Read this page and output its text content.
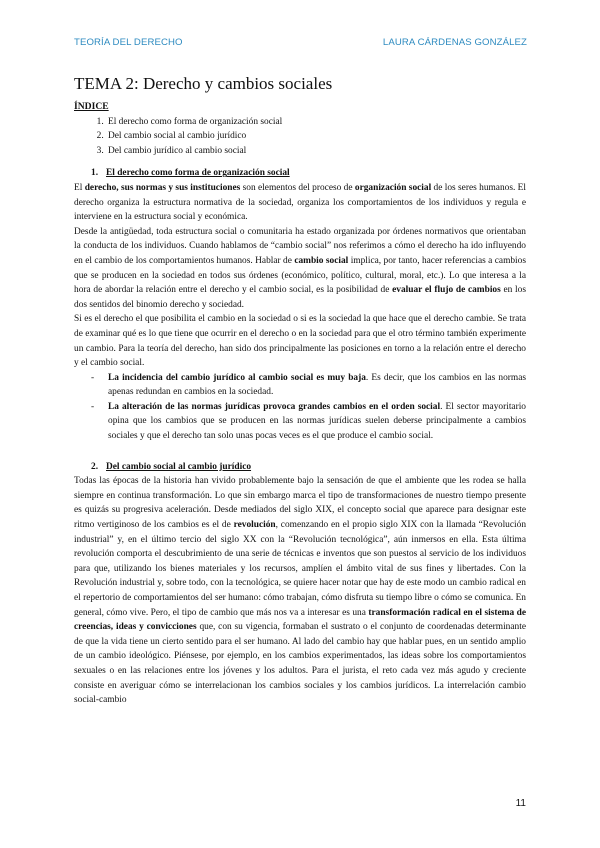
TEORÍA DEL DERECHO	LAURA CÁRDENAS GONZÁLEZ
TEMA 2: Derecho y cambios sociales
ÍNDICE
1. El derecho como forma de organización social
2. Del cambio social al cambio jurídico
3. Del cambio jurídico al cambio social
1. El derecho como forma de organización social

El derecho, sus normas y sus instituciones son elementos del proceso de organización social de los seres humanos. El derecho organiza la estructura normativa de la sociedad, organiza los comportamientos de los individuos y regula e interviene en la estructura social y económica.

Desde la antigüedad, toda estructura social o comunitaria ha estado organizada por órdenes normativos que orientaban la conducta de los individuos. Cuando hablamos de “cambio social” nos referimos a cómo el derecho ha ido influyendo en el cambio de los comportamientos humanos. Hablar de cambio social implica, por tanto, hacer referencias a cambios que se producen en la sociedad en todos sus órdenes (económico, político, cultural, moral, etc.). Lo que interesa a la hora de abordar la relación entre el derecho y el cambio social, es la posibilidad de evaluar el flujo de cambios en los dos sentidos del binomio derecho y sociedad.

Si es el derecho el que posibilita el cambio en la sociedad o si es la sociedad la que hace que el derecho cambie. Se trata de examinar qué es lo que tiene que ocurrir en el derecho o en la sociedad para que el otro término también experimente un cambio. Para la teoría del derecho, han sido dos principalmente las posiciones en torno a la relación entre el derecho y el cambio social.

- La incidencia del cambio jurídico al cambio social es muy baja. Es decir, que los cambios en las normas apenas redundan en cambios en la sociedad.
- La alteración de las normas jurídicas provoca grandes cambios en el orden social. El sector mayoritario opina que los cambios que se producen en las normas jurídicas suelen deberse principalmente a cambios sociales y que el derecho tan solo unas pocas veces es el que produce el cambio social.
2. Del cambio social al cambio jurídico

Todas las épocas de la historia han vivido probablemente bajo la sensación de que el ambiente que les rodea se halla siempre en continua transformación. Lo que sin embargo marca el tipo de transformaciones de nuestro tiempo presente es quizás su progresiva aceleración. Desde mediados del siglo XIX, el concepto social que aparece para designar este ritmo vertiginoso de los cambios es el de revolución, comenzando en el propio siglo XIX con la llamada “Revolución industrial” y, en el último tercio del siglo XX con la “Revolución tecnológica”, aún inmersos en ella. Esta última revolución comporta el descubrimiento de una serie de técnicas e inventos que son puestos al servicio de los individuos para que, utilizando los bienes materiales y los recursos, amplíen el ámbito vital de sus fines y libertades. Con la Revolución industrial y, sobre todo, con la tecnológica, se quiere hacer notar que hay de este modo un cambio radical en el repertorio de comportamientos del ser humano: cómo trabajan, cómo disfruta su tiempo libre o cómo se comunica. En general, cómo vive. Pero, el tipo de cambio que más nos va a interesar es una transformación radical en el sistema de creencias, ideas y convicciones que, con su vigencia, formaban el sustrato o el conjunto de coordenadas determinante de que la vida tiene un cierto sentido para el ser humano. Al lado del cambio hay que hablar pues, en un sentido amplio de un cambio ideológico. Piénsese, por ejemplo, en los cambios experimentados, las ideas sobre los comportamientos sexuales o en las relaciones entre los jóvenes y los adultos. Para el jurista, el reto cada vez más agudo y creciente consiste en averiguar cómo se interrelacionan los cambios sociales y los cambios jurídicos. La interrelación cambio social-cambio

11
